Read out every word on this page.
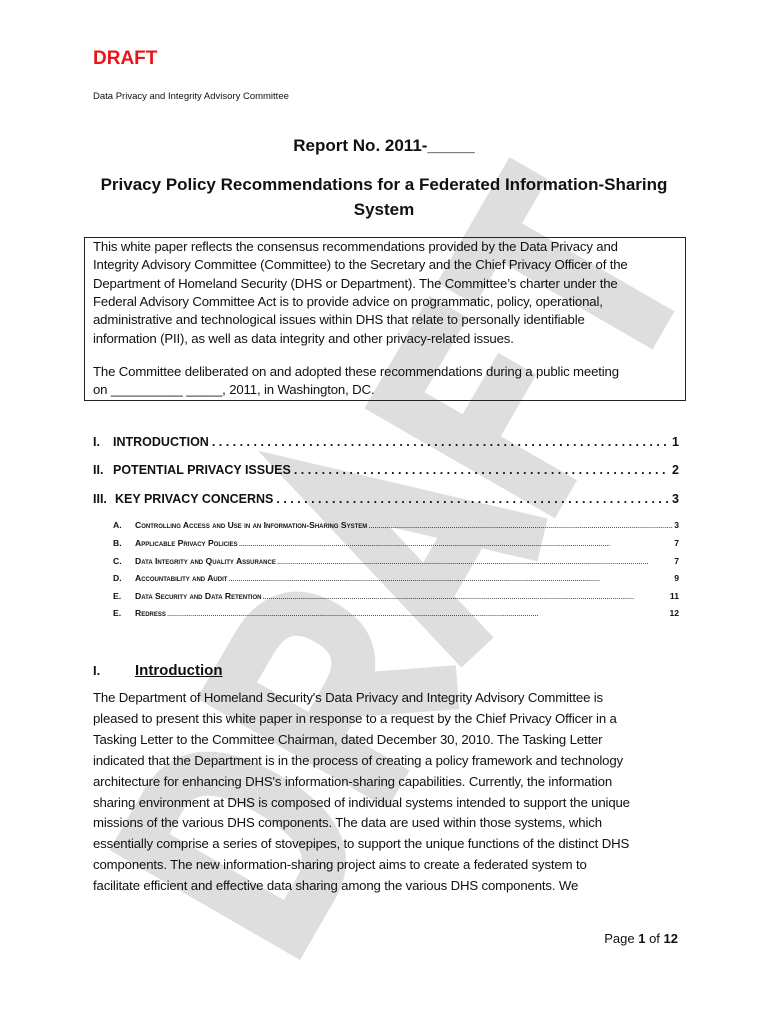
DRAFT
Data Privacy and Integrity Advisory Committee
Report No. 2011-_____
Privacy Policy Recommendations for a Federated Information-Sharing
System
This white paper reflects the consensus recommendations provided by the Data Privacy and
Integrity Advisory Committee (Committee) to the Secretary and the Chief Privacy Officer of the
Department of Homeland Security (DHS or Department). The Committee’s charter under the
Federal Advisory Committee Act is to provide advice on programmatic, policy, operational,
administrative and technological issues within DHS that relate to personally identifiable
information (PII), as well as data integrity and other privacy-related issues.
The Committee deliberated on and adopted these recommendations during a public meeting
on __________ _____, 2011, in Washington, DC.
I.	INTRODUCTION . . .	1
II. POTENTIAL PRIVACY ISSUES . . .	2
III. KEY PRIVACY CONCERNS . . .	3
A.	Controlling Access and Use in an Information-Sharing System . . .	3
B.	Applicable Privacy Policies . . .	7
C.	Data Integrity and Quality Assurance . . .	7
D.	Accountability and Audit . . .	9
E.	Data Security and Data Retention . . .	11
E.	Redress . . .	12
I. Introduction
The Department of Homeland Security's Data Privacy and Integrity Advisory Committee is
pleased to present this white paper in response to a request by the Chief Privacy Officer in a
Tasking Letter to the Committee Chairman, dated December 30, 2010. The Tasking Letter
indicated that the Department is in the process of creating a policy framework and technology
architecture for enhancing DHS's information-sharing capabilities. Currently, the information
sharing environment at DHS is composed of individual systems intended to support the unique
missions of the various DHS components. The data are used within those systems, which
essentially comprise a series of stovepipes, to support the unique functions of the distinct DHS
components. The new information-sharing project aims to create a federated system to
facilitate efficient and effective data sharing among the various DHS components. We
Page 1 of 12
